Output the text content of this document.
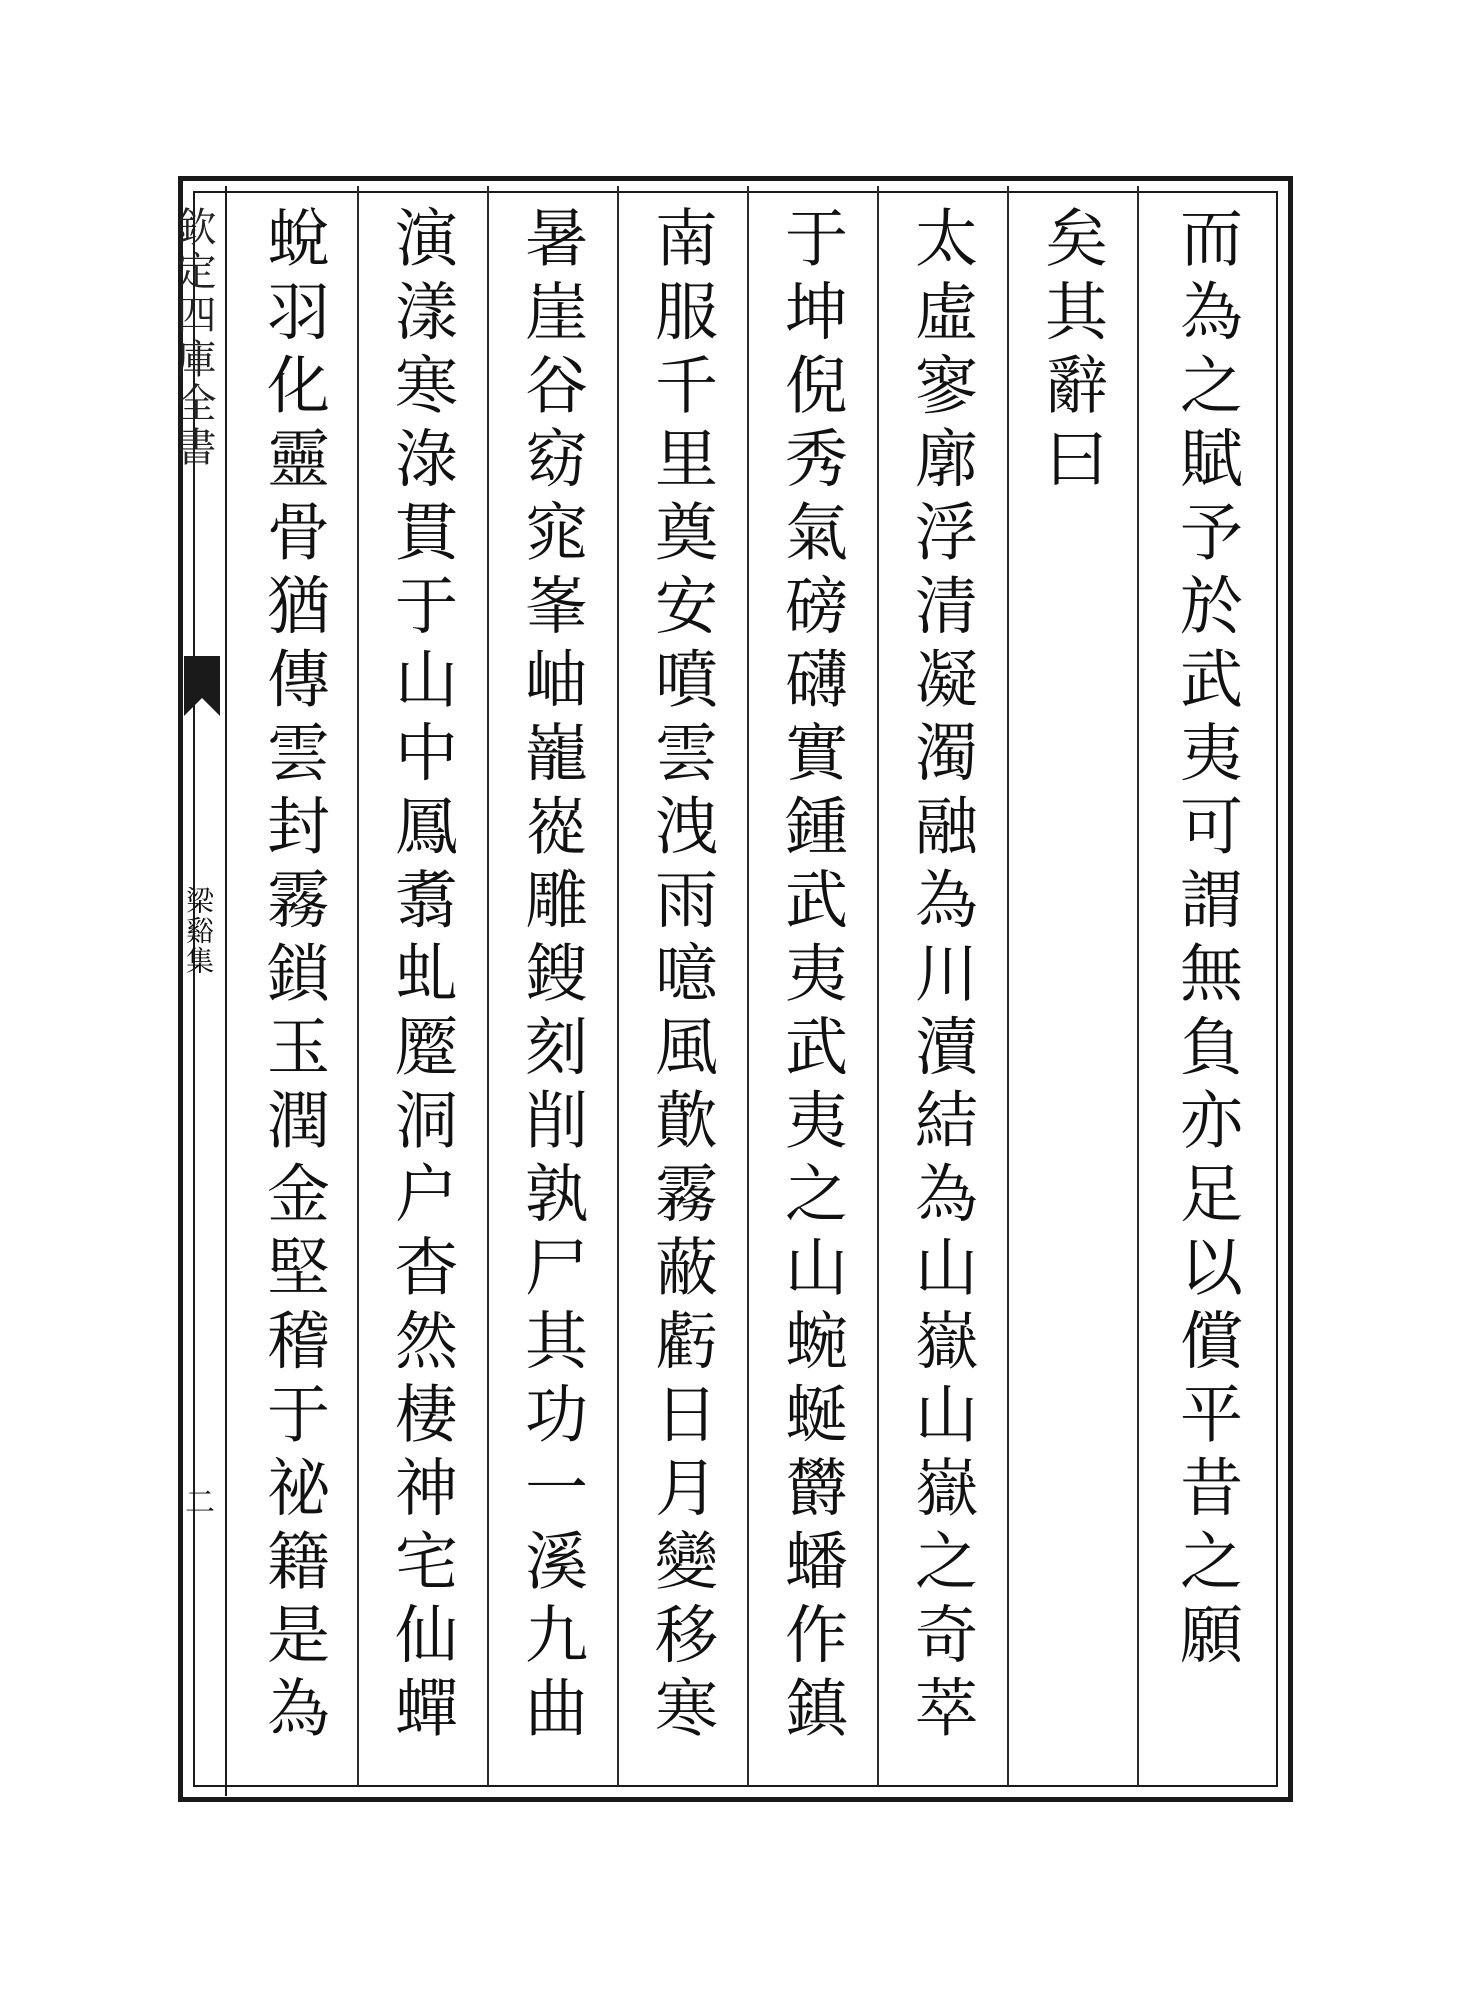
欽定四庫全書
梁谿集
二	而為之賦予於武夷可謂無負亦足以償平昔之願
矣其辭曰
太虛寥廓浮清凝濁融為川瀆結為山嶽山嶽之奇萃
于坤倪秀氣磅礴實鍾武夷武夷之山蜿蜒欝蟠作鎮
南服千里奠安噴雲洩雨噫風歕霧蔽虧日月變移寒
暑崖谷窈窕峯岫巃嵸雕鎪刻削孰尸其功一溪九曲
演漾寒淥貫于山中鳳翥虬蹷洞户杳然棲神宅仙蟬
蛻羽化靈骨猶傳雲封霧鎖玉潤金堅稽于祕籍是為
